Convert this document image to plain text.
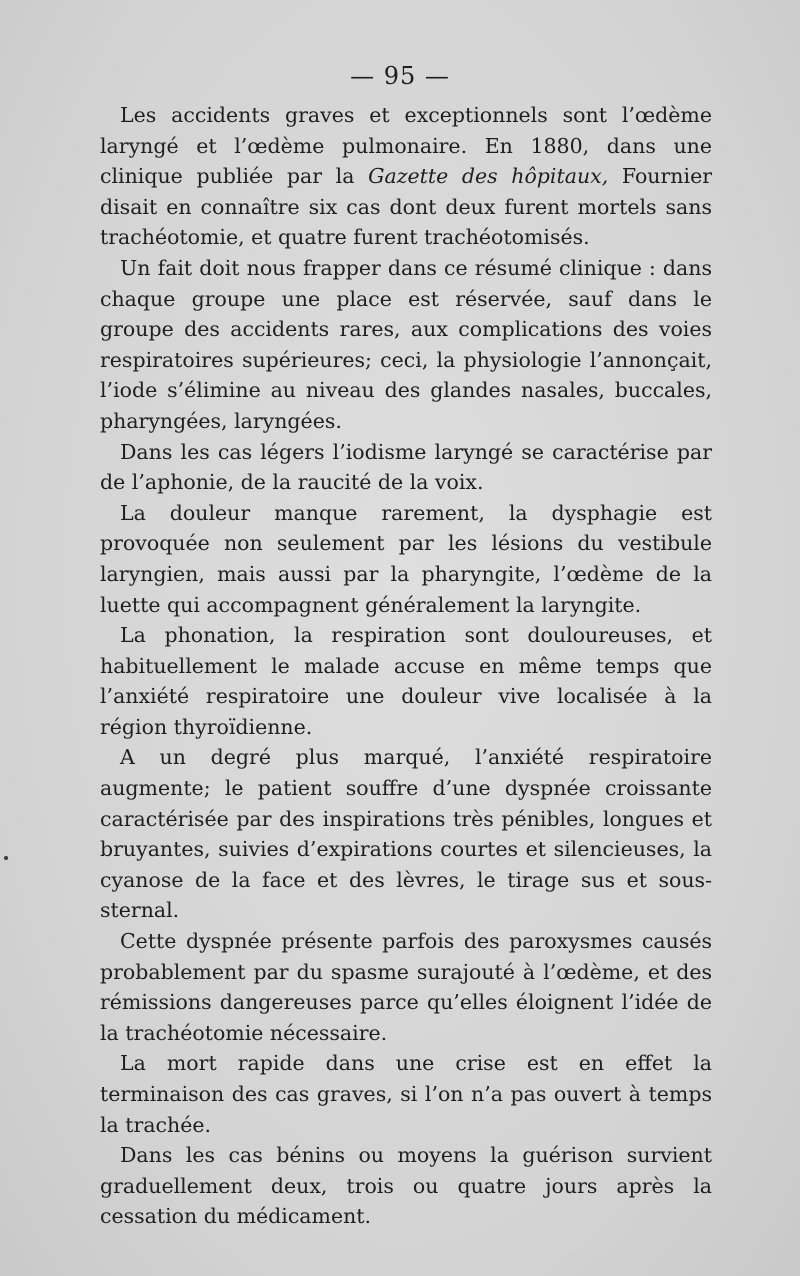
— 95 —

Les accidents graves et exceptionnels sont l’œdème laryngé et l’œdème pulmonaire. En 1880, dans une clinique publiée par la Gazette des hôpitaux, Fournier disait en connaître six cas dont deux furent mortels sans trachéotomie, et quatre furent trachéotomisés.

Un fait doit nous frapper dans ce résumé clinique : dans chaque groupe une place est réservée, sauf dans le groupe des accidents rares, aux complications des voies respiratoires supérieures; ceci, la physiologie l’annonçait, l’iode s’élimine au niveau des glandes nasales, buccales, pharyngées, laryngées.

Dans les cas légers l’iodisme laryngé se caractérise par de l’aphonie, de la raucité de la voix.

La douleur manque rarement, la dysphagie est provoquée non seulement par les lésions du vestibule laryngien, mais aussi par la pharyngite, l’œdème de la luette qui accompagnent généralement la laryngite.

La phonation, la respiration sont douloureuses, et habituellement le malade accuse en même temps que l’anxiété respiratoire une douleur vive localisée à la région thyroïdienne.

A un degré plus marqué, l’anxiété respiratoire augmente; le patient souffre d’une dyspnée croissante caractérisée par des inspirations très pénibles, longues et bruyantes, suivies d’expirations courtes et silencieuses, la cyanose de la face et des lèvres, le tirage sus et sous-sternal.

Cette dyspnée présente parfois des paroxysmes causés probablement par du spasme surajouté à l’œdème, et des rémissions dangereuses parce qu’elles éloignent l’idée de la trachéotomie nécessaire.

La mort rapide dans une crise est en effet la terminaison des cas graves, si l’on n’a pas ouvert à temps la trachée.

Dans les cas bénins ou moyens la guérison survient graduellement deux, trois ou quatre jours après la cessation du médicament.
